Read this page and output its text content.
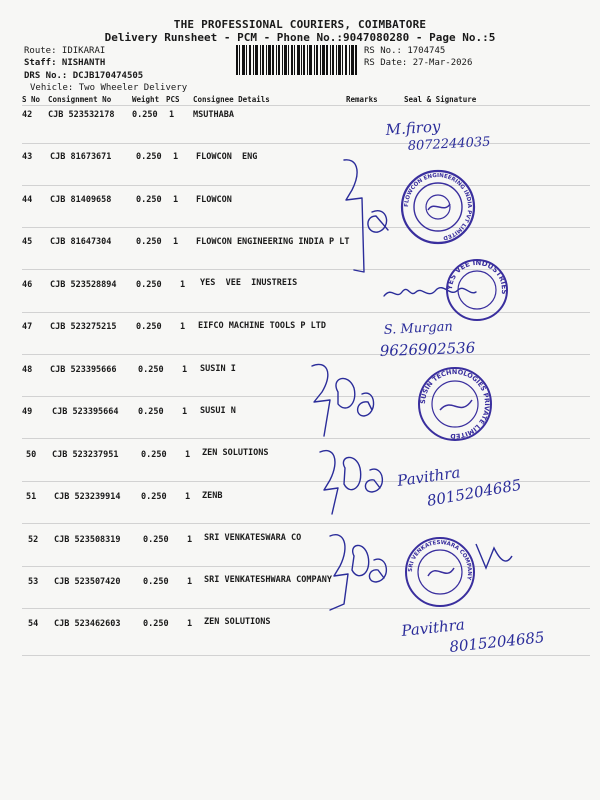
THE PROFESSIONAL COURIERS, COIMBATORE
Delivery Runsheet - PCM - Phone No.:9047080280 - Page No.:5
Route: IDIKARAI
Staff: NISHANTH
DRS No.: DCJB170474505
Vehicle: Two Wheeler Delivery
RS No.: 1704745
RS Date: 27-Mar-2026
S No Consignment No	Weight PCS Consignee Details	Remarks	Seal & Signature
42 CJB 523532178 0.250 1 MSUTHABA
43 CJB 81673671	0.250 1 FLOWCON  ENG
44 CJB 81409658	0.250 1 FLOWCON
45 CJB 81647304	0.250 1 FLOWCON ENGINEERING INDIA P LT
46 CJB 523528894 0.250 1 YES  VEE  INUSTREIS
47 CJB 523275215 0.250 1 EIFCO MACHINE TOOLS P LTD
48 CJB 523395666	0.250 1 SUSIN I
49 CJB 523395664 0.250 1 SUSUI N
50 CJB 523237951	0.250 1 ZEN SOLUTIONS
51 CJB 523239914 0.250 1 ZENB
52 CJB 523508319	0.250 1 SRI VENKATESWARA CO
53 CJB 523507420	0.250 1 SRI VENKATESHWARA COMPANY
54 CJB 523462603	0.250 1 ZEN SOLUTIONS
M.firoy
8072244035
S. Murgan
9626902536
Pavithra
8015204685
Pavithra
8015204685
FLOWCON ENGINEERING INDIA PVT LIMITED
YES VEE INDUSTRIES
SUSIN TECHNOLOGIES PRIVATE LIMITED
SRI VENKATESWARA COMPANY
